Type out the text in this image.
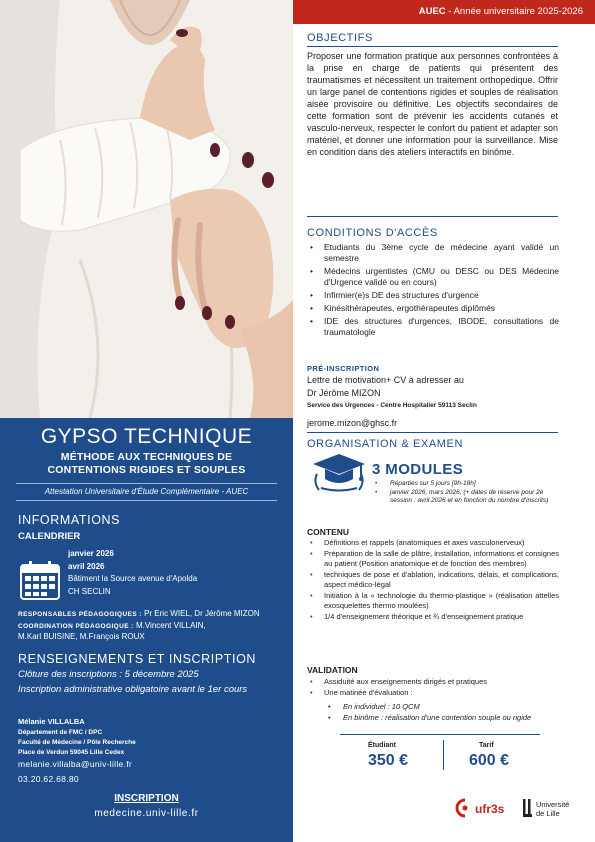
GYPSO TECHNIQUE
MÉTHODE AUX TECHNIQUES DE
CONTENTIONS RIGIDES ET SOUPLES
Attestation Universitaire d'Étude Complémentaire - AUEC
INFORMATIONS
CALENDRIER
janvier 2026
avril 2026
Bâtiment la Source avenue d'Apolda
CH SECLIN
RESPONSABLES PÉDAGOGIQUES : Pr Eric WIEL, Dr Jérôme MIZON
COORDINATION PÉDAGOGIQUE : M.Vincent VILLAIN,
M.Karl BUISINE, M.François ROUX
RENSEIGNEMENTS ET INSCRIPTION
Clôture des inscriptions : 5 décembre 2025
Inscription administrative obligatoire avant le 1er cours
Mélanie VILLALBA
Département de FMC / DPC
Faculté de Médecine / Pôle Recherche
Place de Verdun 59045 Lille Cedex
melanie.villalba@univ-lille.fr
03.20.62.68.80
INSCRIPTION
medecine.univ-lille.fr
AUEC - Année universitaire 2025-2026
OBJECTIFS
Proposer une formation pratique aux personnes confrontées à la prise en charge de patients qui présentent des traumatismes et nécessitent un traitement orthopédique. Offrir un large panel de contentions rigides et souples de réalisation aisée provisoire ou définitive. Les objectifs secondaires de cette formation sont de prévenir les accidents cutanés et vasculo-nerveux, respecter le confort du patient et adapter son matériel, et donner une information pour la surveillance. Mise en condition dans des ateliers interactifs en binôme.
CONDITIONS D'ACCÈS
• Etudiants du 3ème cycle de médecine ayant validé un semestre
• Médecins urgentistes (CMU ou DESC ou DES Médecine d'Urgence validé ou en cours)
• Infirmier(e)s DE des structures d'urgence
• Kinésithérapeutes, ergothérapeutes diplômés
• IDE des structures d'urgences, IBODE, consultations de traumatologie
PRÉ-INSCRIPTION
Lettre de motivation+ CV à adresser au
Dr Jérôme MIZON
Service des Urgences - Centre Hospitalier 59113 Seclin
jerome.mizon@ghsc.fr
ORGANISATION & EXAMEN
3 MODULES
• Réparties sur 5 jours [9h-18h]
• janvier 2026, mars 2026, (+ dates de réserve pour 2è session : avril 2026 et en fonction du nombre d'inscrits)
CONTENU
• Définitions et rappels (anatomiques et axes vasculonerveux)
• Préparation de la salle de plâtre, installation, informations et consignes au patient (Position anatomique et de fonction des membres)
• techniques de pose et d'ablation, indications, délais, et complications, aspect médico-légal
• Initiation à la « technologie du thermo-plastique » (réalisation attelles exosquelettes thermo moulées)
• 1/4 d'enseignement théorique et ¾ d'enseignement pratique
VALIDATION
• Assiduité aux enseignements dirigés et pratiques
• Une matinée d'évaluation :
• En individuel : 10 QCM
• En binôme : réalisation d'une contention souple ou rigide
Étudiant
350 €
Tarif
600 €
ufr3s	Université
de Lille
